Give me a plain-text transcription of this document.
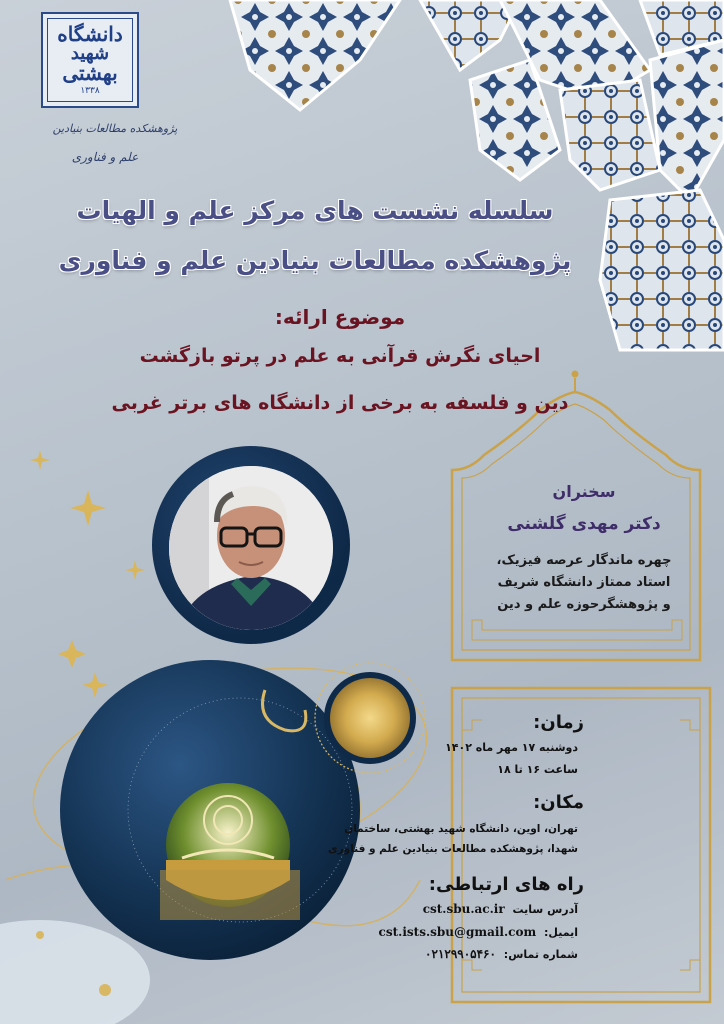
دانشگاه
شهید
بهشتی
۱۳۳۸
پژوهشکده مطالعات بنیادین
علم و فناوری
سلسله نشست های مرکز علم و الهیات
پژوهشکده مطالعات بنیادین علم و فناوری
موضوع ارائه:
احیای نگرش قرآنی به علم در پرتو بازگشت
دین و فلسفه به برخی از دانشگاه های برتر غربی
سخنران
دکتر مهدی گلشنی
چهره ماندگار عرصه فیزیک،
استاد ممتاز دانشگاه شریف
و پژوهشگرحوزه علم و دین
زمان:
دوشنبه ۱۷ مهر ماه ۱۴۰۲
ساعت ۱۶ تا ۱۸
مکان:
تهران، اوین، دانشگاه شهید بهشتی، ساختمان
شهدا، پژوهشکده مطالعات بنیادین علم و فناوری
راه های ارتباطی:
آدرس سایت cst.sbu.ac.ir
ایمیل: cst.ists.sbu@gmail.com
شماره تماس: ۰۲۱۲۹۹۰۵۴۶۰
